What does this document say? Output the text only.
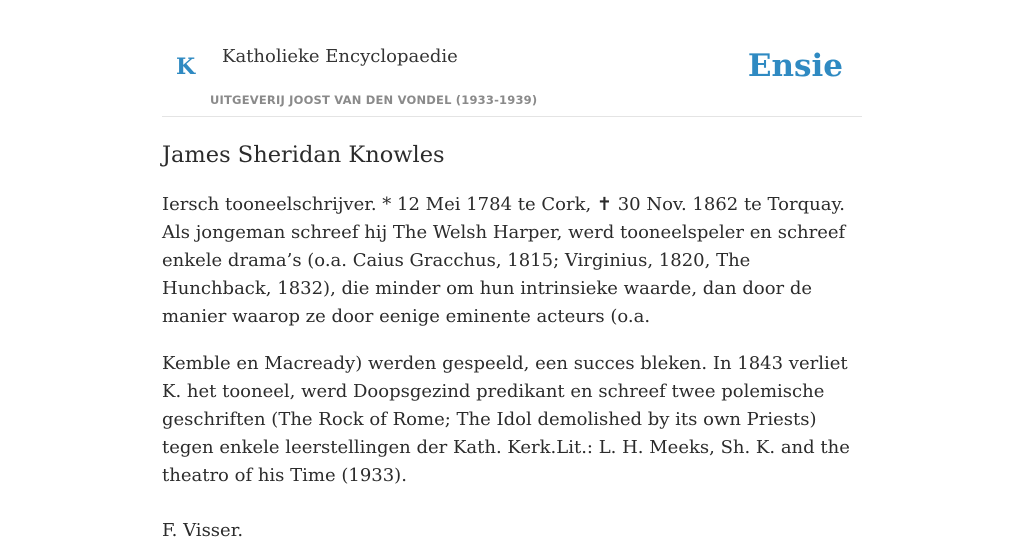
K Katholieke Encyclopaedie
UITGEVERIJ JOOST VAN DEN VONDEL (1933-1939)
Ensie
James Sheridan Knowles

Iersch tooneelschrijver. * 12 Mei 1784 te Cork, ✝ 30 Nov. 1862 te Torquay. Als jongeman schreef hij The Welsh Harper, werd tooneelspeler en schreef enkele drama’s (o.a. Caius Gracchus, 1815; Virginius, 1820, The Hunchback, 1832), die minder om hun intrinsieke waarde, dan door de manier waarop ze door eenige eminente acteurs (o.a.

Kemble en Macready) werden gespeeld, een succes bleken. In 1843 verliet K. het tooneel, werd Doopsgezind predikant en schreef twee polemische geschriften (The Rock of Rome; The Idol demolished by its own Priests) tegen enkele leerstellingen der Kath. Kerk.Lit.: L. H. Meeks, Sh. K. and the theatro of his Time (1933).

F. Visser.
